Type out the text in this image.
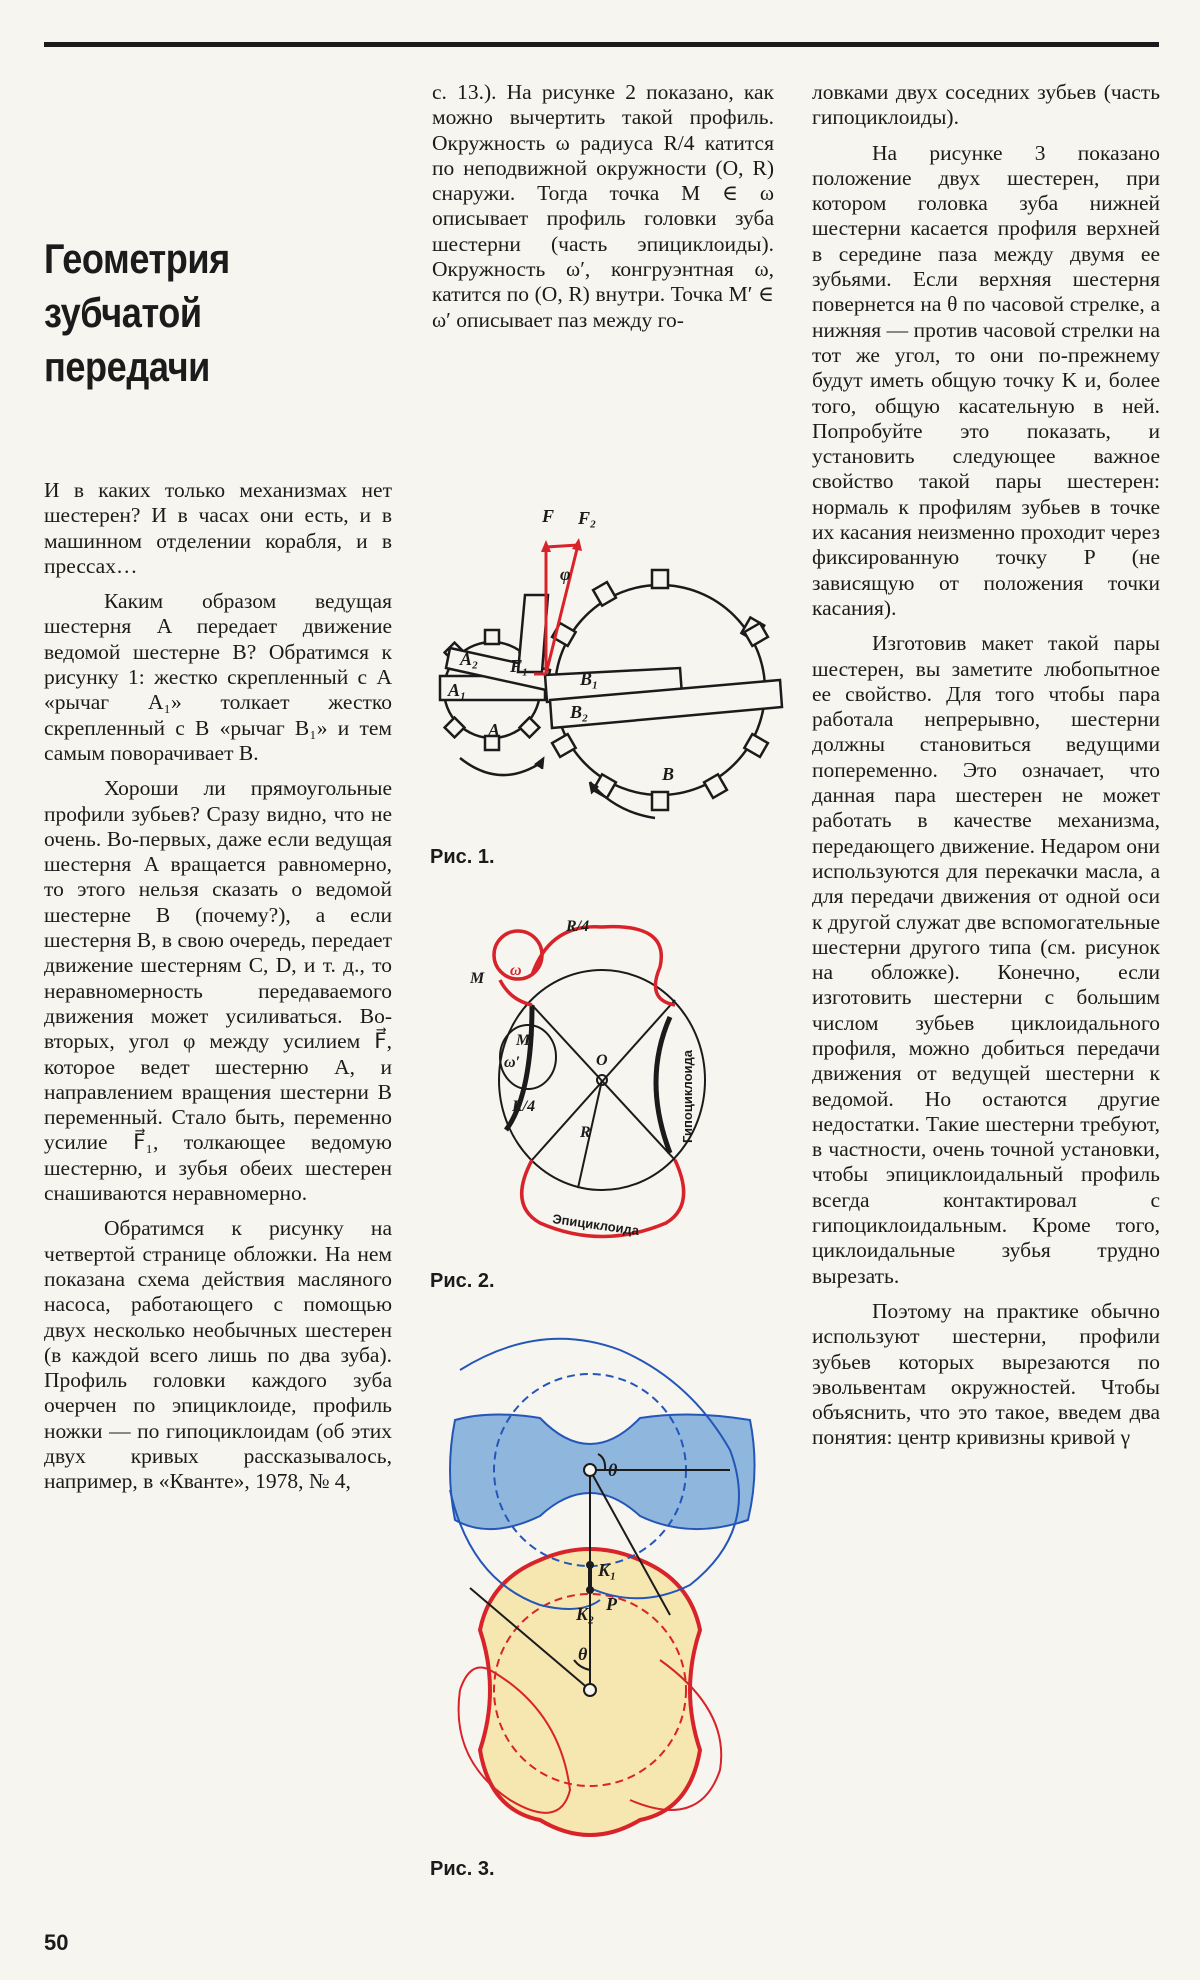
Геометрия
зубчатой
передачи

И в каких только механизмах нет шестерен? И в часах они есть, и в машинном отделении корабля, и в прессах…

Каким образом ведущая шестерня A передает движение ведомой шестерне B? Обратимся к рисунку 1: жестко скрепленный с A «рычаг A₁» толкает жестко скрепленный с B «рычаг B₁» и тем самым поворачивает B.

Хороши ли прямоугольные профили зубьев? Сразу видно, что не очень. Во-первых, даже если ведущая шестерня A вращается равномерно, то этого нельзя сказать о ведомой шестерне B (почему?), а если шестерня B, в свою очередь, передает движение шестерням C, D, и т. д., то неравномерность передаваемого движения может усиливаться. Во-вторых, угол φ между усилием F⃗, которое ведет шестерню A, и направлением вращения шестерни B переменный. Стало быть, переменно усилие F⃗₁, толкающее ведомую шестерню, и зубья обеих шестерен снашиваются неравномерно.

Обратимся к рисунку на четвертой странице обложки. На нем показана схема действия масляного насоса, работающего с помощью двух несколько необычных шестерен (в каждой всего лишь по два зуба). Профиль головки каждого зуба очерчен по эпициклоиде, профиль ножки — по гипоциклоидам (об этих двух кривых рассказывалось, например, в «Кванте», 1978, № 4,

с. 13.). На рисунке 2 показано, как можно вычертить такой профиль. Окружность ω радиуса R/4 катится по неподвижной окружности (O, R) снаружи. Тогда точка M ∈ ω описывает профиль головки зуба шестерни (часть эпициклоиды). Окружность ω′, конгруэнтная ω, катится по (O, R) внутри. Точка M′ ∈ ω′ описывает паз между го-

ловками двух соседних зубьев (часть гипоциклоиды).

На рисунке 3 показано положение двух шестерен, при котором головка зуба нижней шестерни касается профиля верхней в середине паза между двумя ее зубьями. Если верхняя шестерня повернется на θ по часовой стрелке, а нижняя — против часовой стрелки на тот же угол, то они по-прежнему будут иметь общую точку K и, более того, общую касательную в ней. Попробуйте это показать, и установить следующее важное свойство такой пары шестерен: нормаль к профилям зубьев в точке их касания неизменно проходит через фиксированную точку P (не зависящую от положения точки касания).

Изготовив макет такой пары шестерен, вы заметите любопытное ее свойство. Для того чтобы пара работала непрерывно, шестерни должны становиться ведущими попеременно. Это означает, что данная пара шестерен не может работать в качестве механизма, передающего движение. Недаром они используются для перекачки масла, а для передачи движения от одной оси к другой служат две вспомогательные шестерни другого типа (см. рисунок на обложке). Конечно, если изготовить шестерни с большим числом зубьев циклоидального профиля, можно добиться передачи движения от ведущей шестерни к ведомой. Но остаются другие недостатки. Такие шестерни требуют, в частности, очень точной установки, чтобы эпициклоидальный профиль всегда контактировал с гипоциклоидальным. Кроме того, циклоидальные зубья трудно вырезать.

Поэтому на практике обычно используют шестерни, профили зубьев которых вырезаются по эвольвентам окружностей. Чтобы объяснить, что это такое, введем два понятия: центр кривизны кривой γ

F F₂
φ
A₂ F₁
B₁
A₁
B₂
A
B
Рис. 1.
R/4
ω
M
M′
ω′	O
R
R/4	Гипоциклоида
Эпициклоида
Рис. 2.
θ
K₁
P
K₂
θ
Рис. 3.
50
